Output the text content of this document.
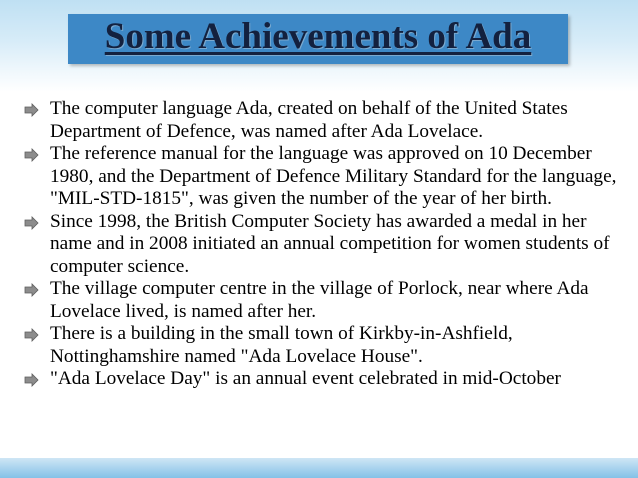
Some Achievements of Ada
The computer language Ada, created on behalf of the United States Department of Defence, was named after Ada Lovelace.
The reference manual for the language was approved on 10 December 1980, and the Department of Defence Military Standard for the language, "MIL-STD-1815", was given the number of the year of her birth.
Since 1998, the British Computer Society has awarded a medal in her name and in 2008 initiated an annual competition for women students of computer science.
The village computer centre in the village of Porlock, near where Ada Lovelace lived, is named after her.
There is a building in the small town of Kirkby-in-Ashfield, Nottinghamshire named "Ada Lovelace House".
"Ada Lovelace Day" is an annual event celebrated in mid-October
